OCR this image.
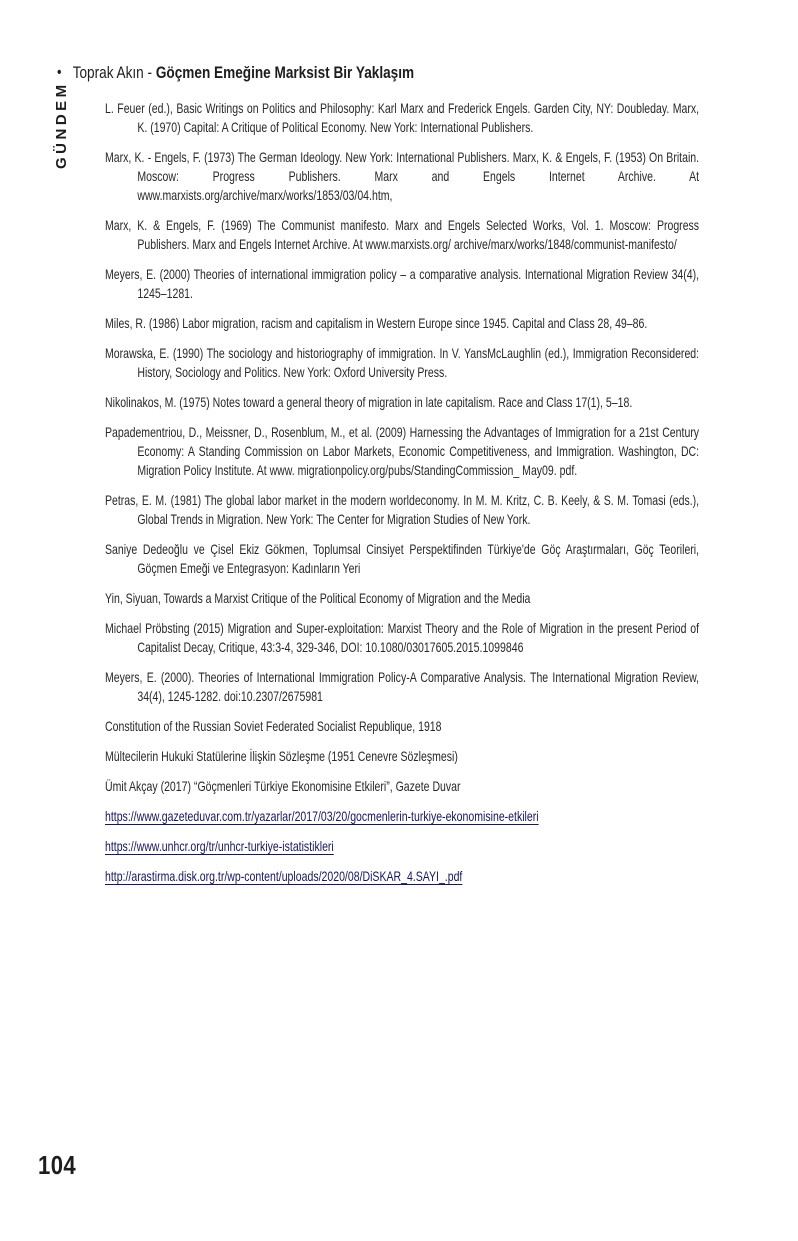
• Toprak Akın - Göçmen Emeğine Marksist Bir Yaklaşım
GÜNDEM	L. Feuer (ed.), Basic Writings on Politics and Philosophy: Karl Marx and Frederick Engels. Garden City, NY: Doubleday. Marx, K. (1970) Capital: A Critique of Political Economy. New York: International Publishers.

Marx, K. - Engels, F. (1973) The German Ideology. New York: International Publishers. Marx, K. & Engels, F. (1953) On Britain. Moscow: Progress Publishers. Marx and Engels Internet Archive. At www.marxists.org/archive/marx/works/1853/03/04.htm,

Marx, K. & Engels, F. (1969) The Communist manifesto. Marx and Engels Selected Works, Vol. 1. Moscow: Progress Publishers. Marx and Engels Internet Archive. At www.marxists.org/ archive/marx/works/1848/communist-manifesto/

Meyers, E. (2000) Theories of international immigration policy – a comparative analysis. International Migration Review 34(4), 1245–1281.

Miles, R. (1986) Labor migration, racism and capitalism in Western Europe since 1945. Capital and Class 28, 49–86.

Morawska, E. (1990) The sociology and historiography of immigration. In V. YansMcLaughlin (ed.), Immigration Reconsidered: History, Sociology and Politics. New York: Oxford University Press.

Nikolinakos, M. (1975) Notes toward a general theory of migration in late capitalism. Race and Class 17(1), 5–18.

Papadementriou, D., Meissner, D., Rosenblum, M., et al. (2009) Harnessing the Advantages of Immigration for a 21st Century Economy: A Standing Commission on Labor Markets, Economic Competitiveness, and Immigration. Washington, DC: Migration Policy Institute. At www. migrationpolicy.org/pubs/StandingCommission_ May09. pdf.

Petras, E. M. (1981) The global labor market in the modern worldeconomy. In M. M. Kritz, C. B. Keely, & S. M. Tomasi (eds.), Global Trends in Migration. New York: The Center for Migration Studies of New York.

Saniye Dedeoğlu ve Çisel Ekiz Gökmen, Toplumsal Cinsiyet Perspektifinden Türkiye'de Göç Araştırmaları, Göç Teorileri, Göçmen Emeği ve Entegrasyon: Kadınların Yeri

Yin, Siyuan, Towards a Marxist Critique of the Political Economy of Migration and the Media

Michael Pröbsting (2015) Migration and Super-exploitation: Marxist Theory and the Role of Migration in the present Period of Capitalist Decay, Critique, 43:3-4, 329-346, DOI: 10.1080/03017605.2015.1099846

Meyers, E. (2000). Theories of International Immigration Policy-A Comparative Analysis. The International Migration Review, 34(4), 1245-1282. doi:10.2307/2675981

Constitution of the Russian Soviet Federated Socialist Republique, 1918

Mültecilerin Hukuki Statülerine İlişkin Sözleşme (1951 Cenevre Sözleşmesi)

Ümit Akçay (2017) “Göçmenleri Türkiye Ekonomisine Etkileri”, Gazete Duvar

https://www.gazeteduvar.com.tr/yazarlar/2017/03/20/gocmenlerin-turkiye-ekonomisine-etkileri

https://www.unhcr.org/tr/unhcr-turkiye-istatistikleri

http://arastirma.disk.org.tr/wp-content/uploads/2020/08/DiSKAR_4.SAYI_.pdf

104
